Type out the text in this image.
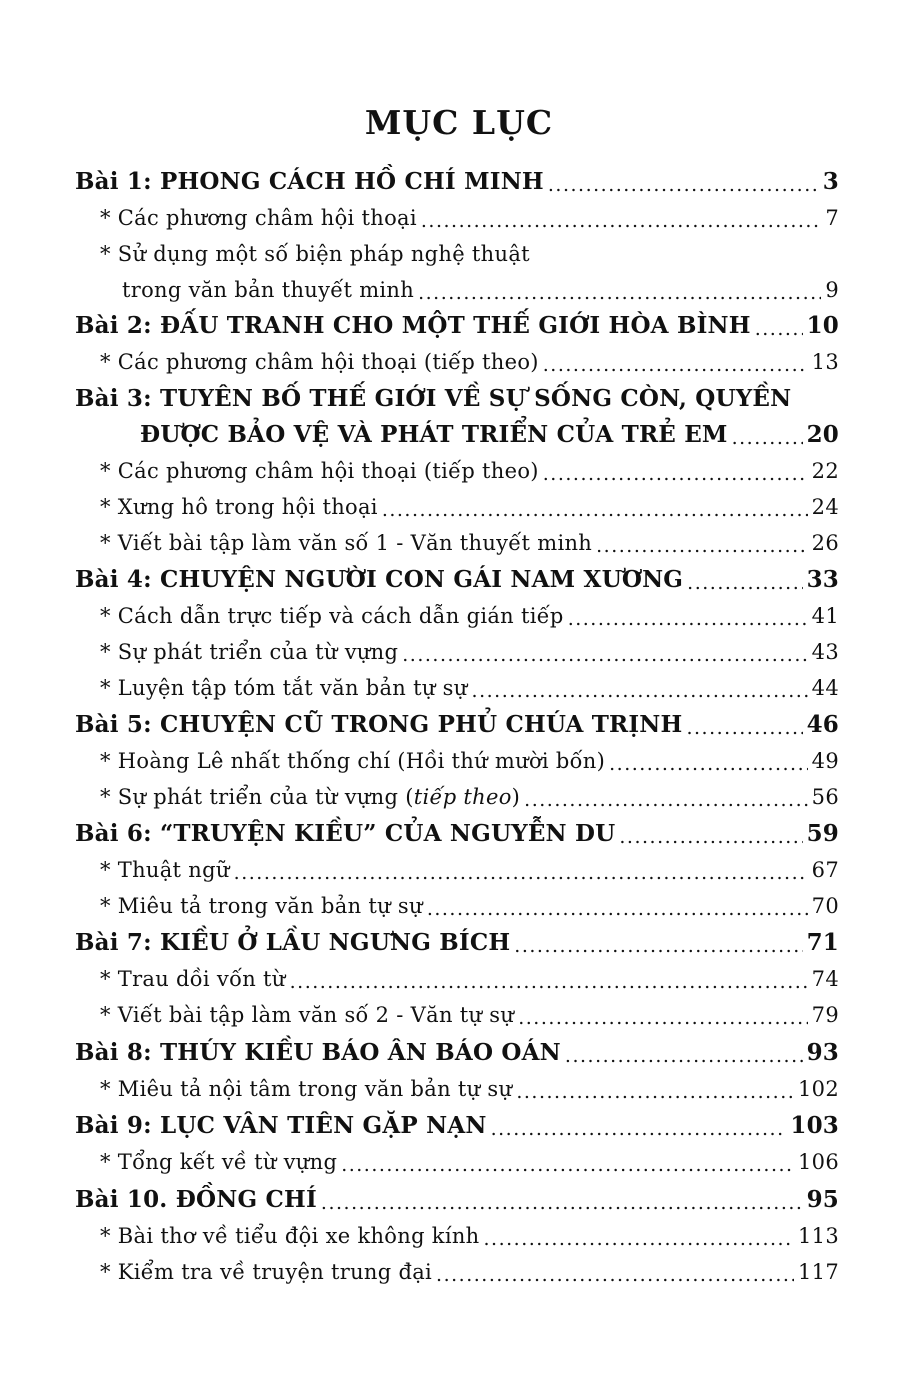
MỤC LỤC
Bài 1: PHONG CÁCH HỒ CHÍ MINH .....	3
* Các phương châm hội thoại .....	7
* Sử dụng một số biện pháp nghệ thuật
trong văn bản thuyết minh .....	9
Bài 2: ĐẤU TRANH CHO MỘT THẾ GIỚI HÒA BÌNH ..... 10
* Các phương châm hội thoại (tiếp theo) .....	13
Bài 3: TUYÊN BỐ THẾ GIỚI VỀ SỰ SỐNG CÒN, QUYỀN
ĐƯỢC BẢO VỆ VÀ PHÁT TRIỂN CỦA TRẺ EM .....	20
* Các phương châm hội thoại (tiếp theo) .....	22
* Xưng hô trong hội thoại .....	24
* Viết bài tập làm văn số 1 - Văn thuyết minh .....	26
Bài 4: CHUYỆN NGƯỜI CON GÁI NAM XƯƠNG .....	33
* Cách dẫn trực tiếp và cách dẫn gián tiếp .....	41
* Sự phát triển của từ vựng .....	43
* Luyện tập tóm tắt văn bản tự sự .....	44
Bài 5: CHUYỆN CŨ TRONG PHỦ CHÚA TRỊNH .....	46
* Hoàng Lê nhất thống chí (Hồi thứ mười bốn) .....	49
* Sự phát triển của từ vựng (tiếp theo) .....	56
Bài 6: “TRUYỆN KIỀU” CỦA NGUYỄN DU .....	59
* Thuật ngữ .....	67
* Miêu tả trong văn bản tự sự .....	70
Bài 7: KIỀU Ở LẦU NGƯNG BÍCH .....	71
* Trau dồi vốn từ .....	74
* Viết bài tập làm văn số 2 - Văn tự sự .....	79
Bài 8: THÚY KIỀU BÁO ÂN BÁO OÁN .....	93
* Miêu tả nội tâm trong văn bản tự sự .....	102
Bài 9: LỤC VÂN TIÊN GẶP NẠN .....	103
* Tổng kết về từ vựng .....	106
Bài 10. ĐỒNG CHÍ .....	95
* Bài thơ về tiểu đội xe không kính .....	113
* Kiểm tra về truyện trung đại .....	117
